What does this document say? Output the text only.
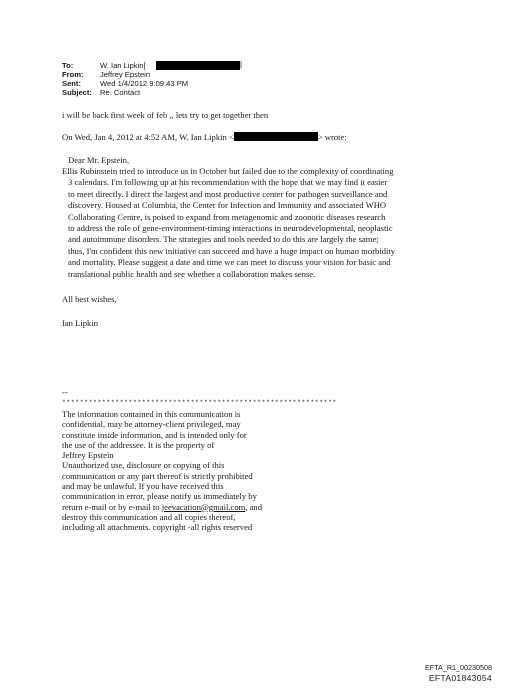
To:	W. Ian Lipkin[	|
From: Jeffrey Epstein
Sent:	Wed 1/4/2012 9:09:43 PM
Subject: Re: Contact
i will be back first week of feb ,, lets try to get together then
On Wed, Jan 4, 2012 at 4:52 AM, W. Ian Lipkin <	> wrote:
Dear Mr. Epstein,
Ellis Rubinstein tried to introduce us in October but failed due to the complexity of coordinating
3 calendars. I'm following up at his recommendation with the hope that we may find it easier
to meet directly. I direct the largest and most productive center for pathogen surveillance and
discovery. Housed at Columbia, the Center for Infection and Immunity and associated WHO
Collaborating Centre, is poised to expand from metagenomic and zoonotic diseases research
to address the role of gene-environment-timing interactions in neurodevelopmental, neoplastic
and autoimmune disorders. The strategies and tools needed to do this are largely the same;
thus, I'm confident this new initiative can succeed and have a huge impact on human morbidity
and mortality. Please suggest a date and time we can meet to discuss your vision for basic and
translational public health and see whether a collaboration makes sense.
All best wishes,
Ian Lipkin
--
**************************************************************
The information contained in this communication is
confidential, may be attorney-client privileged, may
constitute inside information, and is intended only for
the use of the addressee. It is the property of
Jeffrey Epstein
Unauthorized use, disclosure or copying of this
communication or any part thereof is strictly prohibited
and may be unlawful. If you have received this
communication in error, please notify us immediately by
return e-mail or by e-mail to jeevacation@gmail.com, and
destroy this communication and all copies thereof,
including all attachments. copyright -all rights reserved
EFTA_R1_00230508
EFTA01843054
